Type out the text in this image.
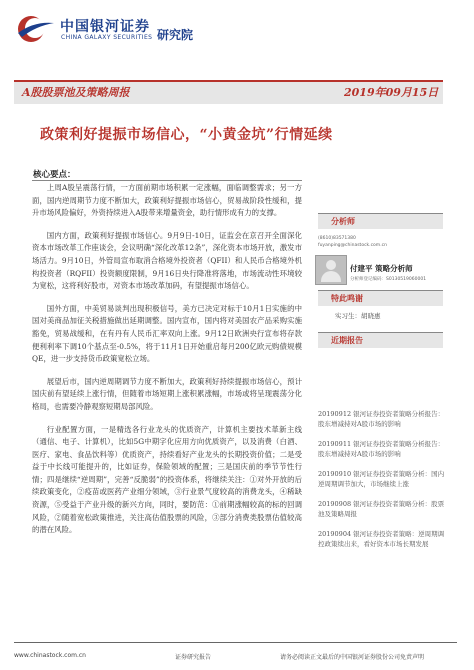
中国银河证券
CHINA GALAXY SECURITIES 研究院
A股股票池及策略周报	2019年09月15日
政策利好提振市场信心，“小黄金坑”行情延续
核心要点：

上周A股呈震荡行情，一方面前期市场积累一定涨幅，面临调整需求；另一方面，国内逆周期节力度不断加大，政策利好提振市场信心，贸易战阶段性缓和，提升市场风险偏好，外资持续进入A股带来增量资金，助行情形成有力的支撑。

国内方面，政策利好提振市场信心。9月9日-10日，证监会在京召开全面深化资本市场改革工作座谈会，会议明确“深化改革12条”，深化资本市场开放，激发市场活力。9月10日，外管局宣布取消合格境外投资者（QFII）和人民币合格境外机构投资者（RQFII）投资额度限制，9月16日央行降准将落地，市场流动性环境较为宽松，这将利好股市，对资本市场改革加码，有望提振市场信心。

国外方面，中美贸易谈判出现积极信号，美方已决定对标于10月1日实施的中国对美商品加征关税措施做出延期调整。国内宣布，国内将对美国农产品采购实施豁免，贸易战缓和，在有丹有人民币汇率双向上涨。9月12日欧洲央行宣布将存款便利利率下调10个基点至-0.5%，将于11月1日开始重启每月200亿欧元购债规模QE，进一步支持货币政策宽松立场。

展望后市，国内逆周期调节力度不断加大，政策利好持续提振市场信心，预计国庆前有望延续上涨行情，但随着市场短期上涨积累涨幅，市场或将呈现震荡分化格局，也需要冷静观察短期局部风险。

行业配置方面，一是精选各行业龙头的优质资产，计算机主要技术革新主线（通信、电子、计算机），比如5G中期字化应用方向优质资产，以及消费（白酒、医疗、家电、食品饮料等）优质资产，持续看好产业龙头的长期投资价值；二是受益于中长线可能提升的，比如证券，保险领域的配置；三是国庆前的季节节性行情；四是继续“逆周期”，完善“反脆弱”的投资体系，将继续关注：①对外开放的后续政策变化，②疫苗或医药产业细分领域，③行业景气度较高的消费龙头，④稀缺资源，⑤受益于产业升级的新兴方向，同时，要防范：①前期涨幅较高的标的回调风险，②随着宽松政策推进，关注高估值股票的风险，③部分消费类股票估值较高的潜在风险。

分析师
付建平 策略分析师
fuyanping@chinastock.com.cn
(8610)83571380
分析师登记编码：S0130519060001
特此鸣谢
实习生：胡晓惠
近期报告
20190912 银河证券投资者策略分析报告：股东增减持对A股市场的影响
20190911 银河证券投资者策略分析报告：股东增减持对A股市场的影响
20190910 银河证券投资者策略分析：国内逆周期调节加大，市场继续上涨
20190908 银河证券投资者策略分析：股票池及策略周报
20190904 银河证券投资者策略：逆周期调控政策续出来，看好资本市场长期发展
www.chinastock.com.cn	证券研究报告	请务必阅读正文最后的中国银河证券股份公司免责声明
